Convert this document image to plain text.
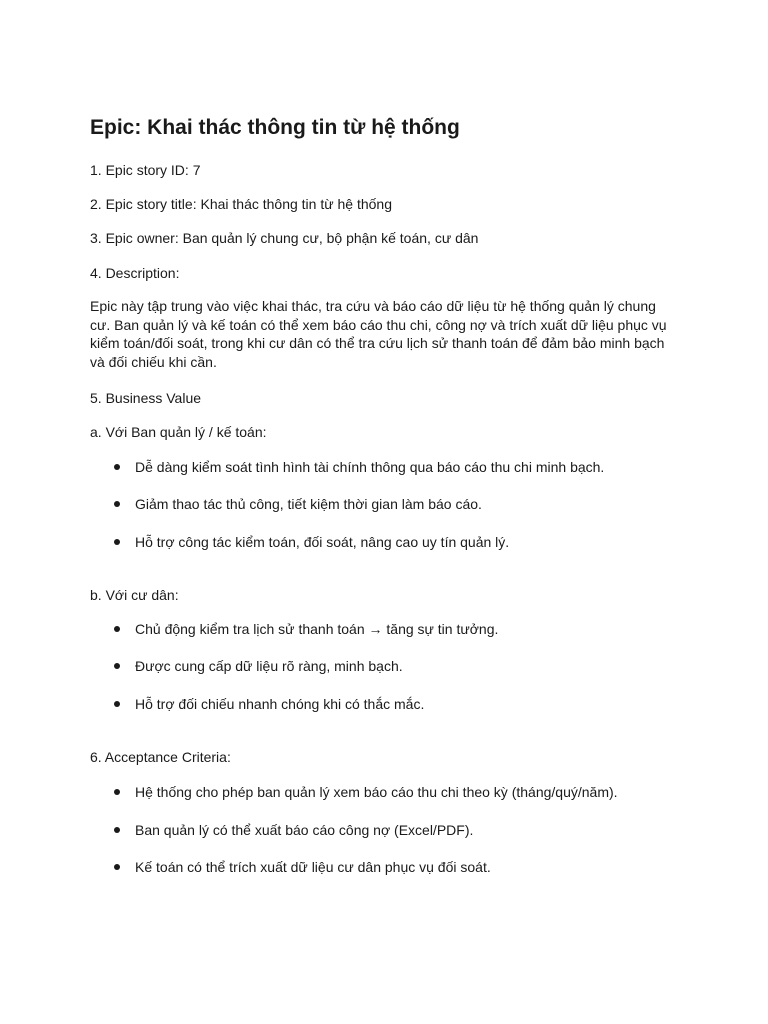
Epic: Khai thác thông tin từ hệ thống

1. Epic story ID: 7

2. Epic story title: Khai thác thông tin từ hệ thống

3. Epic owner: Ban quản lý chung cư, bộ phận kế toán, cư dân

4. Description:

Epic này tập trung vào việc khai thác, tra cứu và báo cáo dữ liệu từ hệ thống quản lý chung cư. Ban quản lý và kế toán có thể xem báo cáo thu chi, công nợ và trích xuất dữ liệu phục vụ kiểm toán/đối soát, trong khi cư dân có thể tra cứu lịch sử thanh toán để đảm bảo minh bạch và đối chiếu khi cần.

5. Business Value

a. Với Ban quản lý / kế toán:

Dễ dàng kiểm soát tình hình tài chính thông qua báo cáo thu chi minh bạch.
Giảm thao tác thủ công, tiết kiệm thời gian làm báo cáo.
Hỗ trợ công tác kiểm toán, đối soát, nâng cao uy tín quản lý.

b. Với cư dân:

Chủ động kiểm tra lịch sử thanh toán → tăng sự tin tưởng.
Được cung cấp dữ liệu rõ ràng, minh bạch.
Hỗ trợ đối chiếu nhanh chóng khi có thắc mắc.

6. Acceptance Criteria:

Hệ thống cho phép ban quản lý xem báo cáo thu chi theo kỳ (tháng/quý/năm).
Ban quản lý có thể xuất báo cáo công nợ (Excel/PDF).
Kế toán có thể trích xuất dữ liệu cư dân phục vụ đối soát.
